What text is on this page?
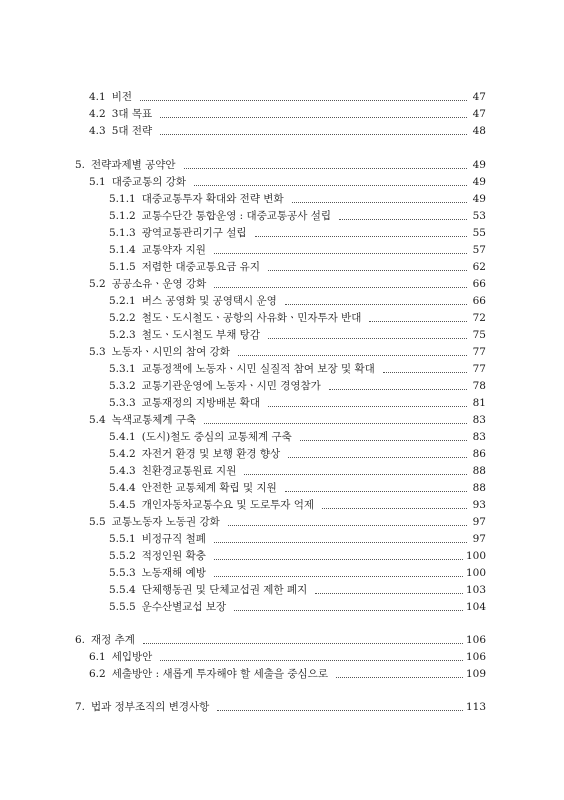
4.1 비전	47
4.2 3대 목표	47
4.3 5대 전략	48
5. 전략과제별 공약안	49
5.1 대중교통의 강화	49
5.1.1 대중교통투자 확대와 전략 변화	49
5.1.2 교통수단간 통합운영 : 대중교통공사 설립	53
5.1.3 광역교통관리기구 설립	55
5.1.4 교통약자 지원	57
5.1.5 저렴한 대중교통요금 유지	62
5.2 공공소유ㆍ운영 강화	66
5.2.1 버스 공영화 및 공영택시 운영	66
5.2.2 철도ㆍ도시철도ㆍ공항의 사유화ㆍ민자투자 반대	72
5.2.3 철도ㆍ도시철도 부채 탕감	75
5.3 노동자ㆍ시민의 참여 강화	77
5.3.1 교통정책에 노동자ㆍ시민 실질적 참여 보장 및 확대	77
5.3.2 교통기관운영에 노동자ㆍ시민 경영참가	78
5.3.3 교통재정의 지방배분 확대	81
5.4 녹색교통체계 구축	83
5.4.1 (도시)철도 중심의 교통체계 구축	83
5.4.2 자전거 환경 및 보행 환경 향상	86
5.4.3 친환경교통원료 지원	88
5.4.4 안전한 교통체계 확립 및 지원	88
5.4.5 개인자동차교통수요 및 도로투자 억제	93
5.5 교통노동자 노동권 강화	97
5.5.1 비정규직 철폐	97
5.5.2 적정인원 확충	100
5.5.3 노동재해 예방	100
5.5.4 단체행동권 및 단체교섭권 제한 폐지	103
5.5.5 운수산별교섭 보장	104
6. 재정 추계	106
6.1 세입방안	106
6.2 세출방안 : 새롭게 투자해야 할 세출을 중심으로	109
7. 법과 정부조직의 변경사항	113
